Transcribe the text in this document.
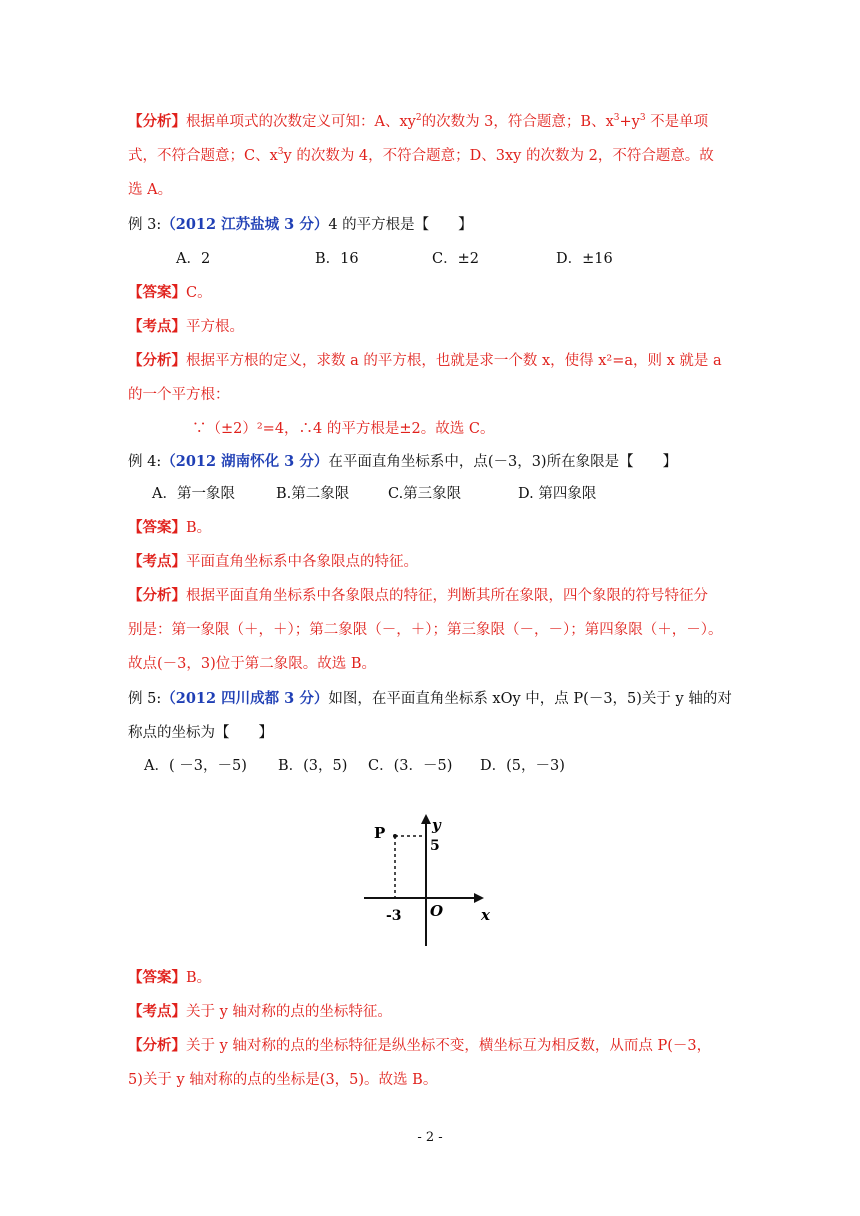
【分析】根据单项式的次数定义可知：A、$xy^2$的次数为 3，符合题意；B、$x^3+y^3$ 不是单项
式，不符合题意；C、$x^3y$ 的次数为 4，不符合题意；D、3xy 的次数为 2，不符合题意。故
选 A。
例 3:（2012 江苏盐城 3 分）4 的平方根是【　　】
A．2	B．16	C．±2	D．±16
【答案】C。
【考点】平方根。
【分析】根据平方根的定义，求数 a 的平方根，也就是求一个数 x，使得 x²=a，则 x 就是 a
的一个平方根：
∵（±2）²=4，∴4 的平方根是±2。故选 C。
例 4:（2012 湖南怀化 3 分）在平面直角坐标系中，点(－3，3)所在象限是【　　】
A．第一象限	B.第二象限	C.第三象限	D. 第四象限
【答案】B。
【考点】平面直角坐标系中各象限点的特征。
【分析】根据平面直角坐标系中各象限点的特征，判断其所在象限，四个象限的符号特征分
别是：第一象限（＋，＋）；第二象限（－，＋）；第三象限（－，－）；第四象限（＋，－）。
故点(－3，3)位于第二象限。故选 B。
例 5:（2012 四川成都 3 分）如图，在平面直角坐标系 xOy 中，点 P(－3，5)关于 y 轴的对
称点的坐标为【　　】
A．( －3，－5) B．(3，5) C．(3．－5) D．(5，－3)
P	y
5
-3 O	x
【答案】B。
【考点】关于 y 轴对称的点的坐标特征。
【分析】关于 y 轴对称的点的坐标特征是纵坐标不变，横坐标互为相反数，从而点 P(－3，
5)关于 y 轴对称的点的坐标是(3，5)。故选 B。
- 2 -
